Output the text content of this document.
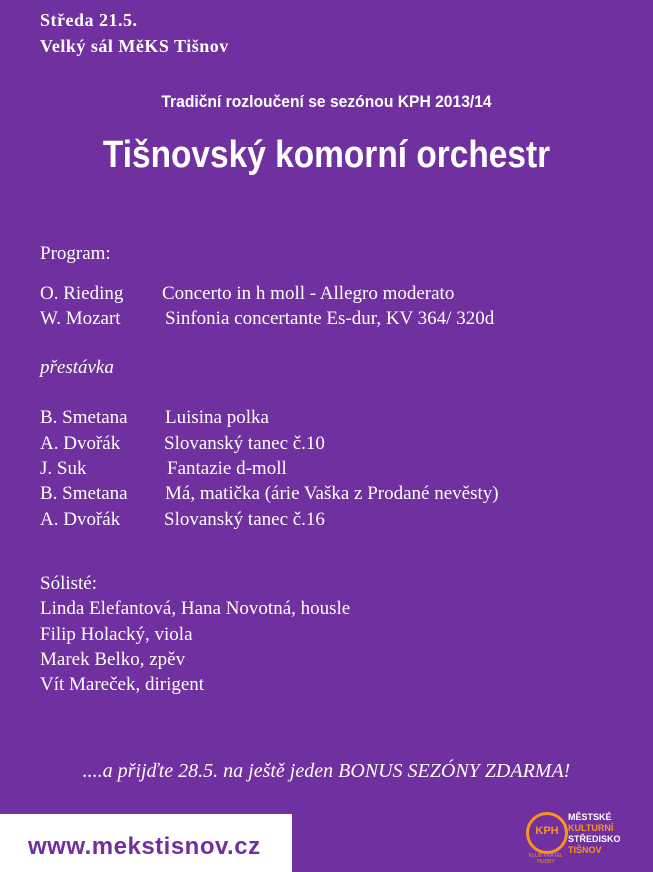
Středa 21.5.
Velký sál MěKS Tišnov
Tradiční rozloučení se sezónou KPH 2013/14
Tišnovský komorní orchestr
Program:
O. Rieding Concerto in h moll - Allegro moderato
W. Mozart Sinfonia concertante Es-dur, KV 364/ 320d
přestávka
B. Smetana Luisina polka
A. Dvořák Slovanský tanec č.10
J. Suk	Fantazie d-moll
B. Smetana Má, matička (árie Vaška z Prodané nevěsty)
A. Dvořák Slovanský tanec č.16
Sólisté:
Linda Elefantová, Hana Novotná, housle
Filip Holacký, viola
Marek Belko, zpěv
Vít Mareček, dirigent
....a přijďte 28.5. na ještě jeden BONUS SEZÓNY ZDARMA!
www.mekstisnov.cz
KPH
KLUB PŘÁTEL HUDBY
MĚSTSKÉ
KULTURNÍ
STŘEDISKO
TIŠNOV
